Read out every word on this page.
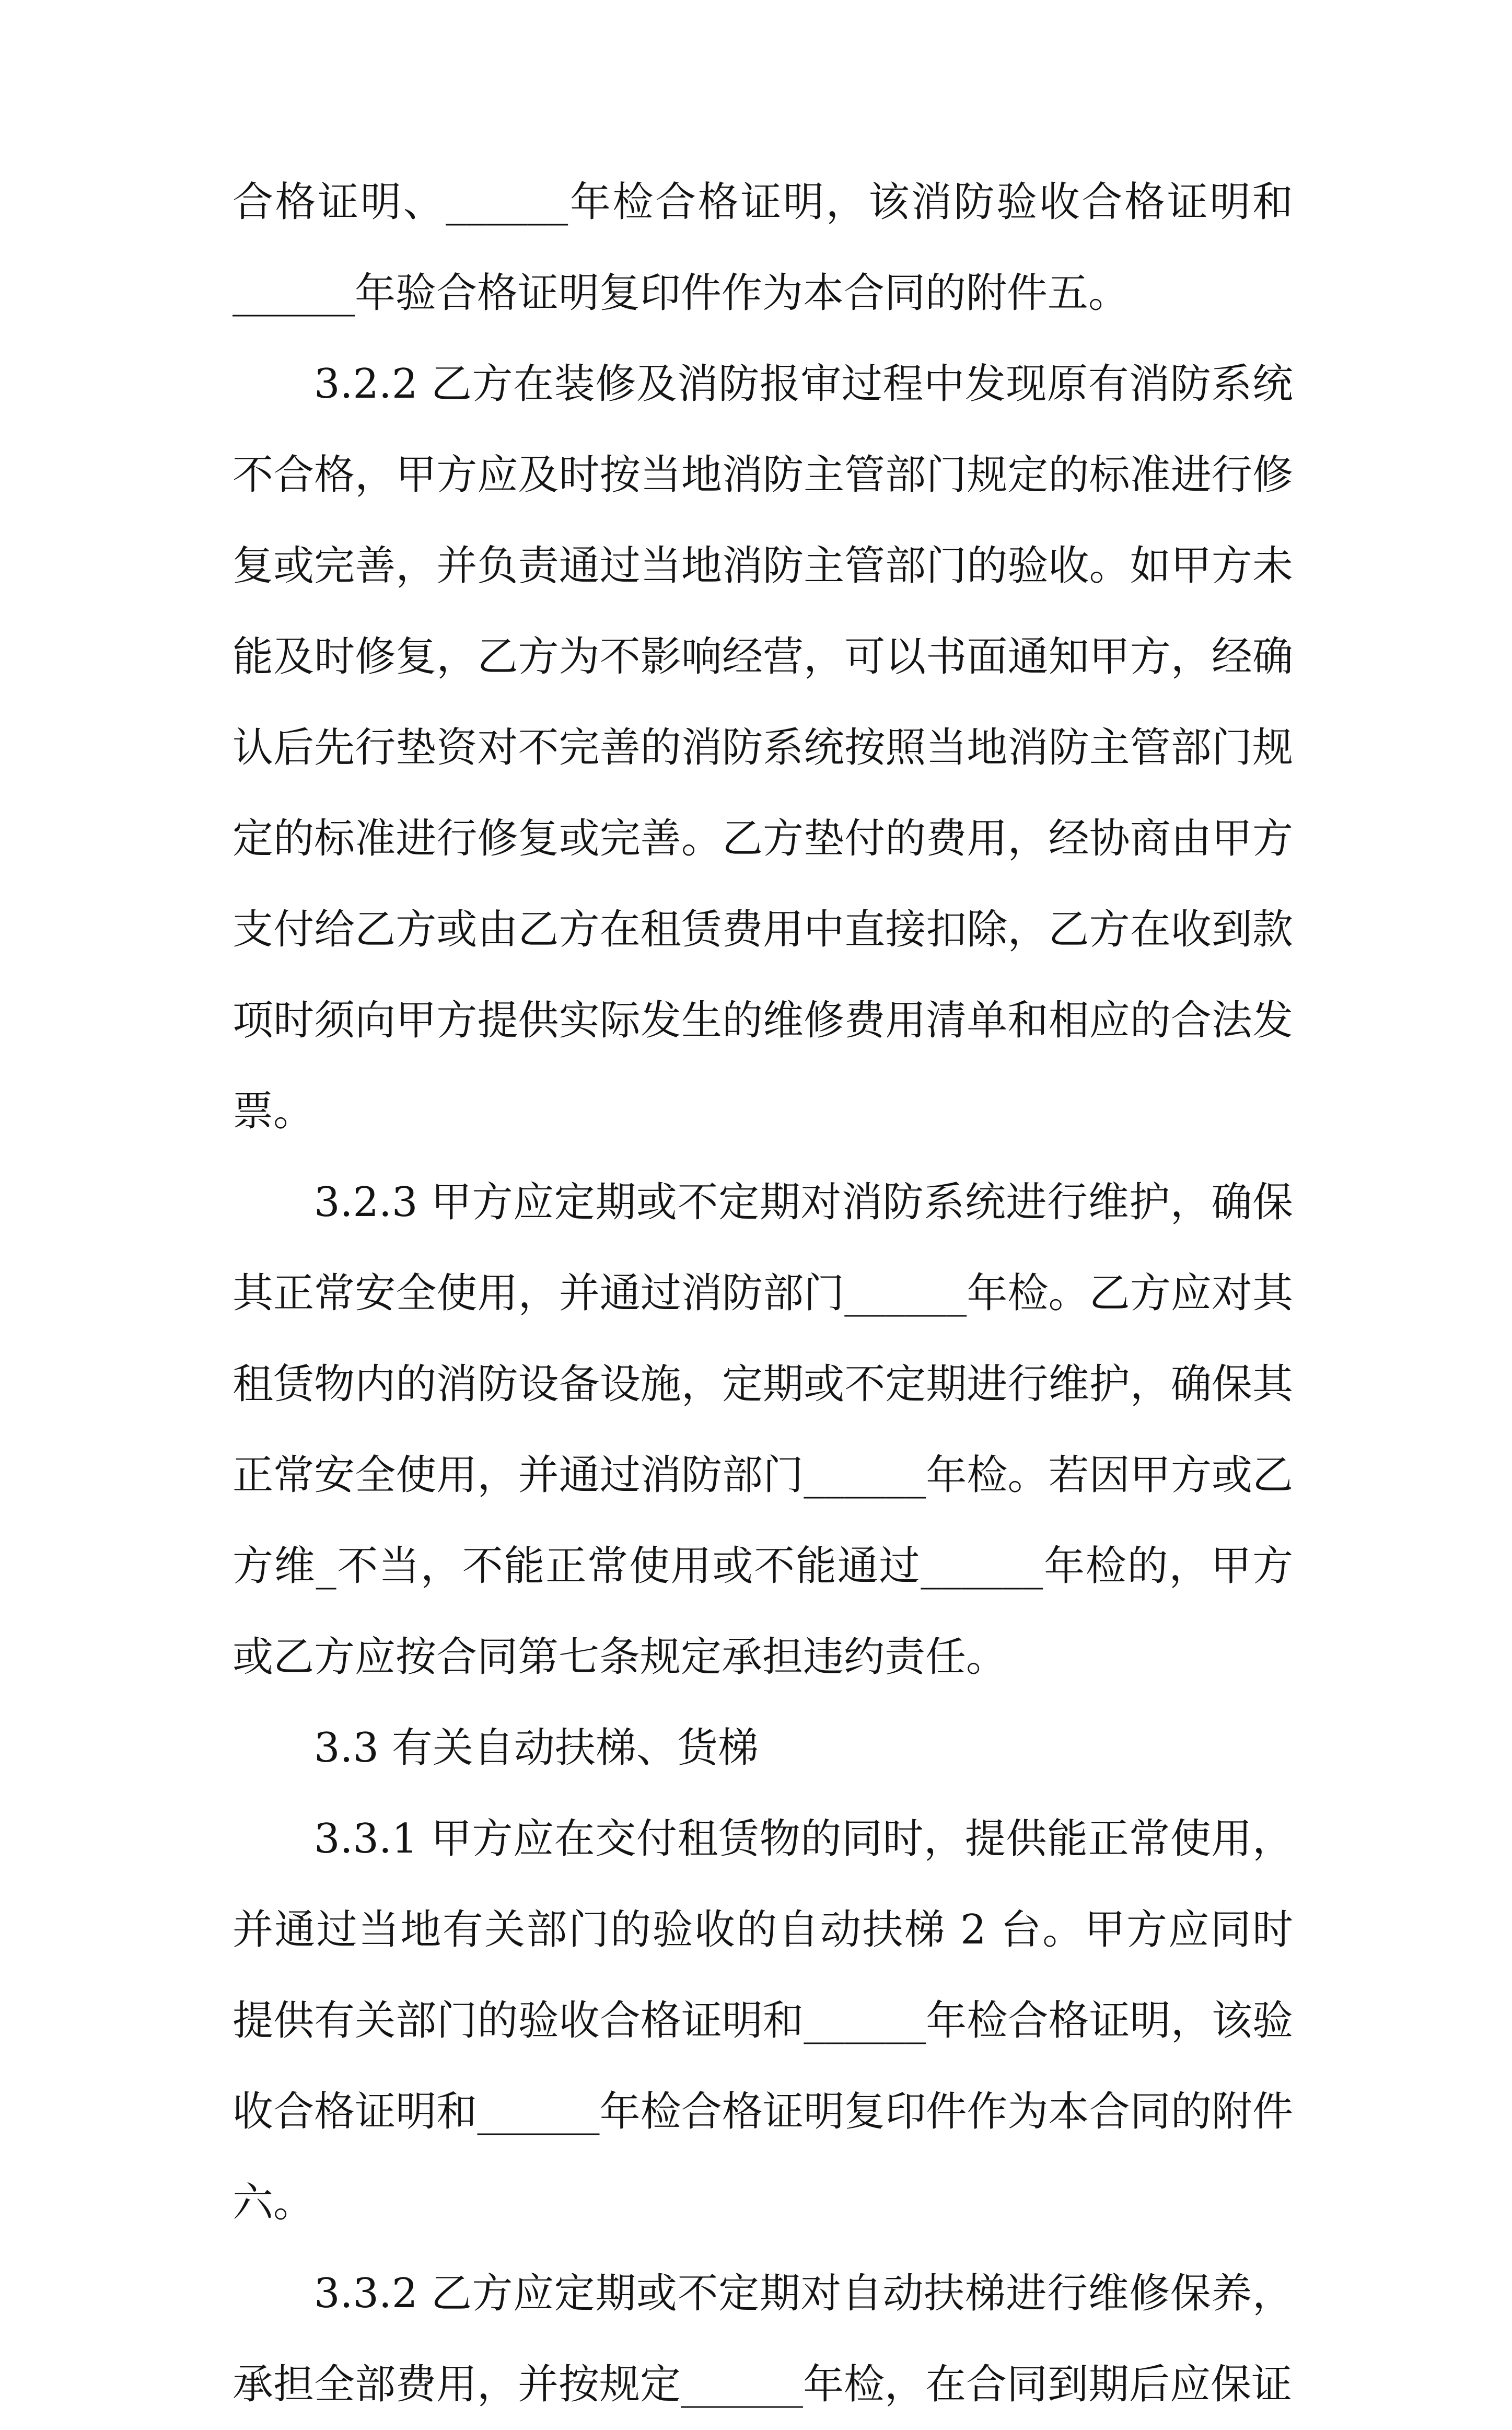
合格证明、______年检合格证明，该消防验收合格证明和______年验合格证明复印件作为本合同的附件五。

3.2.2 乙方在装修及消防报审过程中发现原有消防系统不合格，甲方应及时按当地消防主管部门规定的标准进行修复或完善，并负责通过当地消防主管部门的验收。如甲方未能及时修复，乙方为不影响经营，可以书面通知甲方，经确认后先行垫资对不完善的消防系统按照当地消防主管部门规定的标准进行修复或完善。乙方垫付的费用，经协商由甲方支付给乙方或由乙方在租赁费用中直接扣除，乙方在收到款项时须向甲方提供实际发生的维修费用清单和相应的合法发票。

3.2.3 甲方应定期或不定期对消防系统进行维护，确保其正常安全使用，并通过消防部门______年检。乙方应对其租赁物内的消防设备设施，定期或不定期进行维护，确保其正常安全使用，并通过消防部门______年检。若因甲方或乙方维_不当，不能正常使用或不能通过______年检的，甲方或乙方应按合同第七条规定承担违约责任。

3.3 有关自动扶梯、货梯

3.3.1 甲方应在交付租赁物的同时，提供能正常使用，并通过当地有关部门的验收的自动扶梯 2 台。甲方应同时提供有关部门的验收合格证明和______年检合格证明，该验收合格证明和______年检合格证明复印件作为本合同的附件六。

3.3.2 乙方应定期或不定期对自动扶梯进行维修保养，承担全部费用，并按规定______年检，在合同到期后应保证
